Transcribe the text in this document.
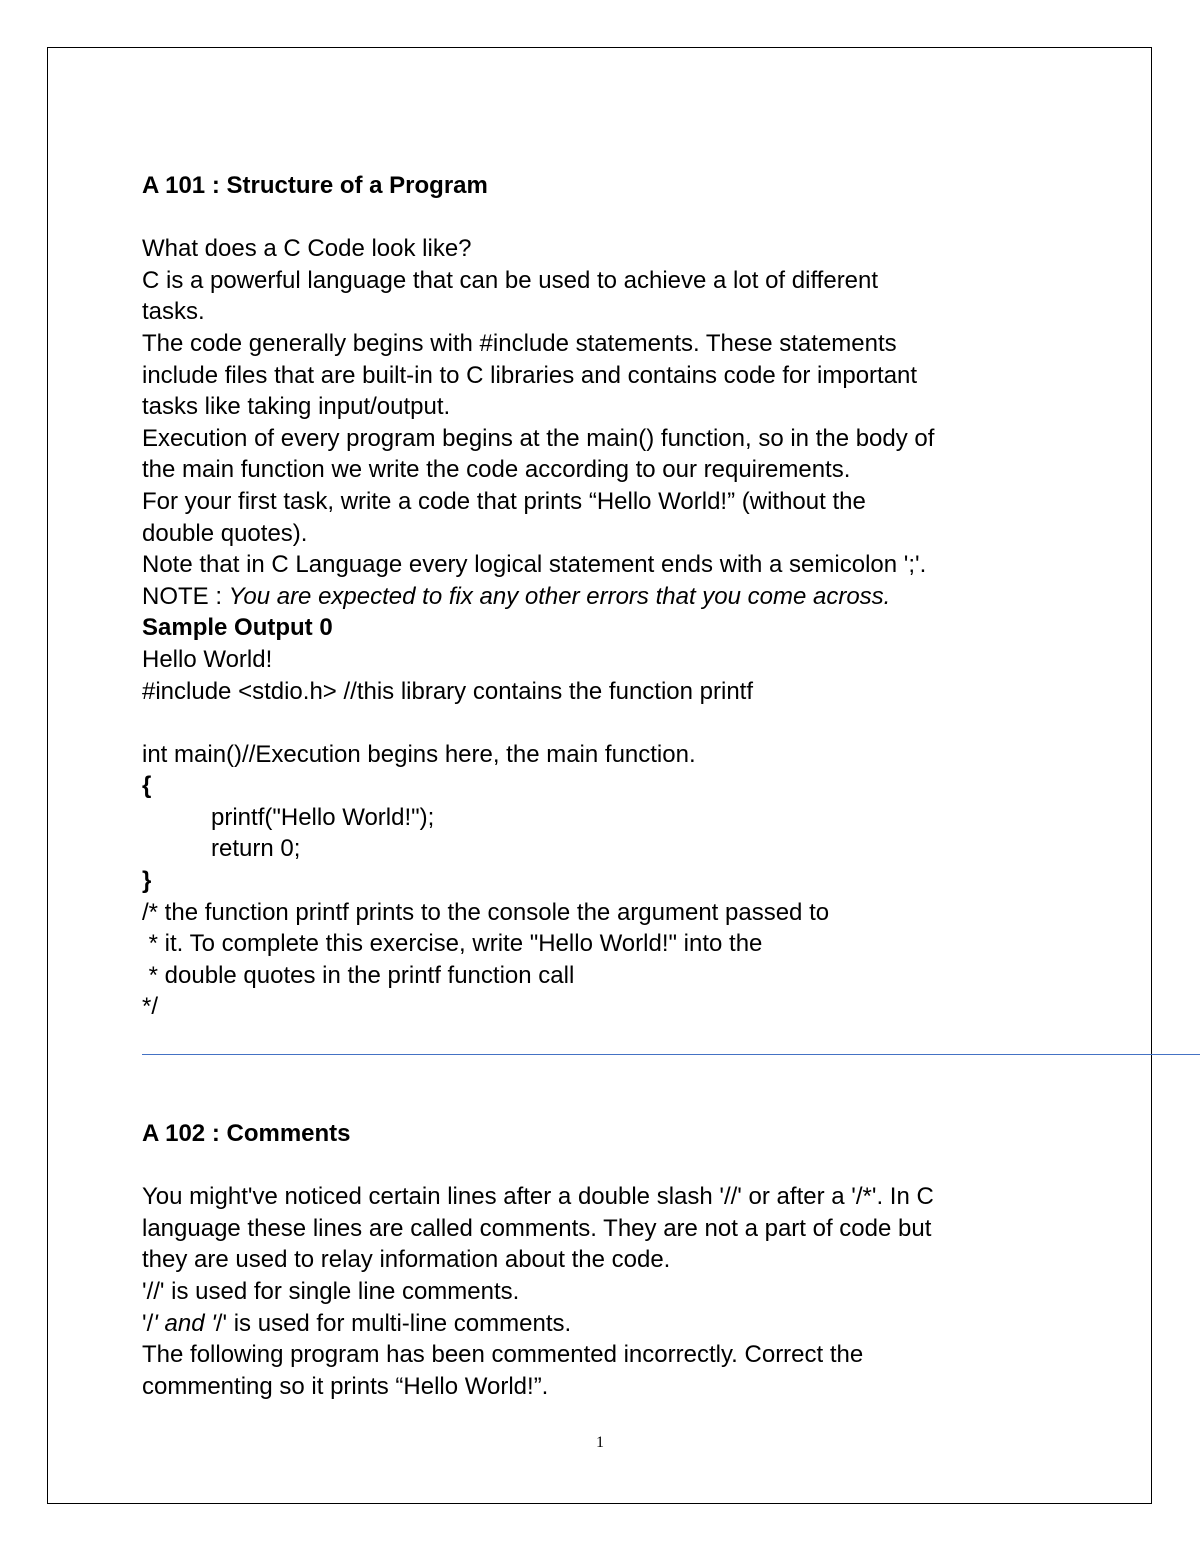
A 101 : Structure of a Program
What does a C Code look like?
C is a powerful language that can be used to achieve a lot of different
tasks.
The code generally begins with #include statements. These statements
include files that are built-in to C libraries and contains code for important
tasks like taking input/output.
Execution of every program begins at the main() function, so in the body of
the main function we write the code according to our requirements.
For your first task, write a code that prints “Hello World!” (without the
double quotes).
Note that in C Language every logical statement ends with a semicolon ';'.
NOTE : You are expected to fix any other errors that you come across.
Sample Output 0
Hello World!
#include <stdio.h> //this library contains the function printf
int main()//Execution begins here, the main function.
{
printf("Hello World!");
return 0;
}
/* the function printf prints to the console the argument passed to
* it. To complete this exercise, write "Hello World!" into the
* double quotes in the printf function call
*/
A 102 : Comments
You might've noticed certain lines after a double slash '//' or after a '/*'. In C
language these lines are called comments. They are not a part of code but
they are used to relay information about the code.
'//' is used for single line comments.
'/' and '/' is used for multi-line comments.
The following program has been commented incorrectly. Correct the
commenting so it prints “Hello World!”.
1
